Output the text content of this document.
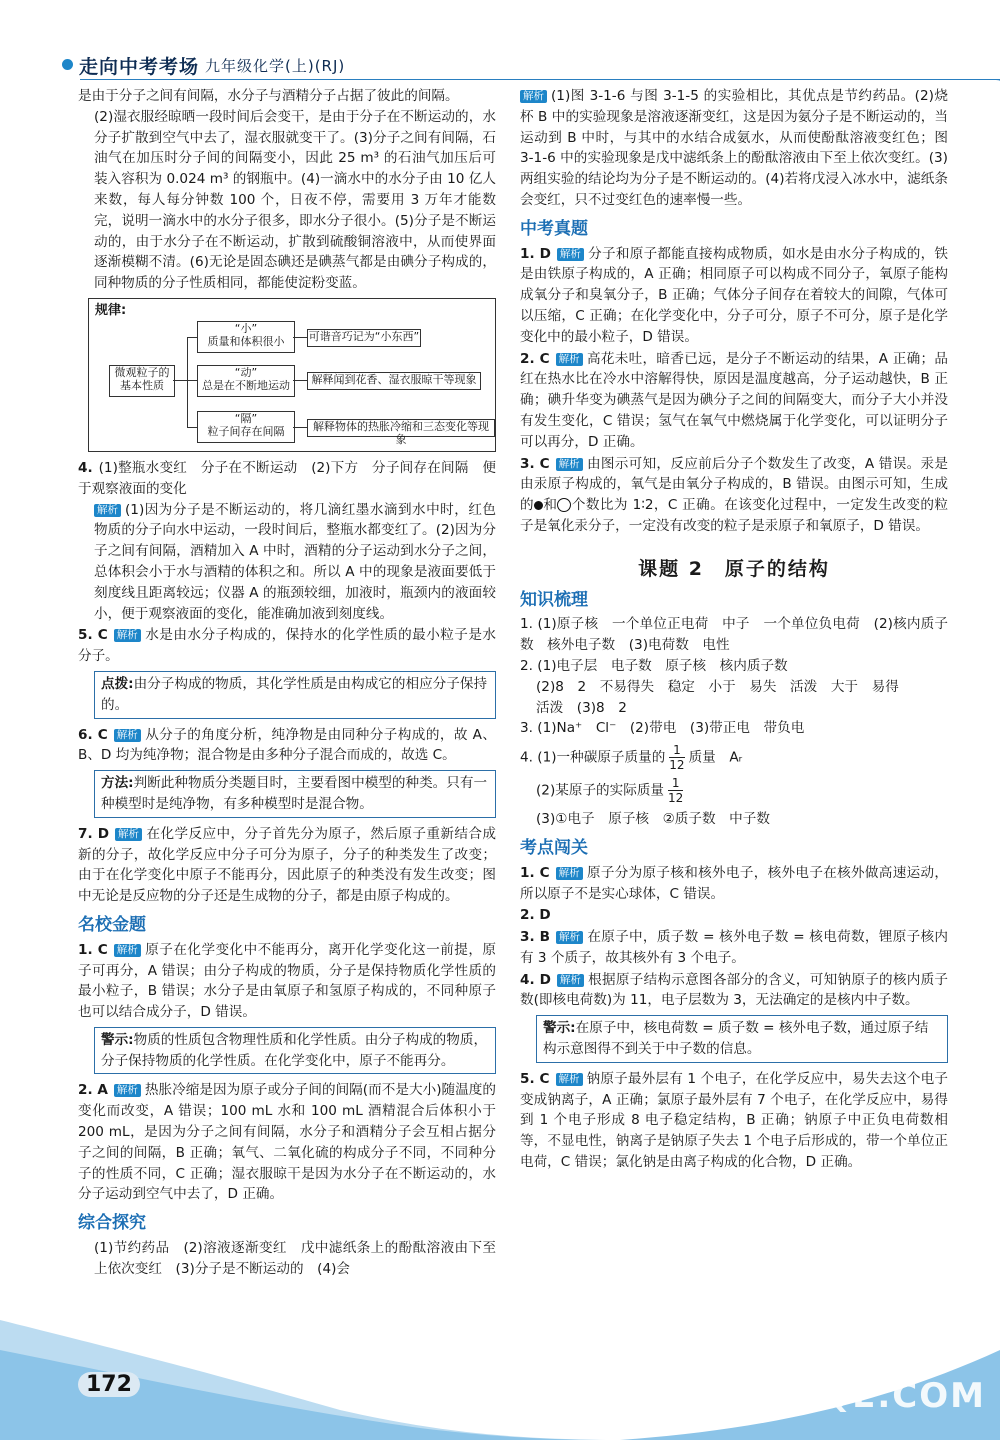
走向中考考场 九年级化学(上)(RJ)

是由于分子之间有间隔，水分子与酒精分子占据了彼此的间隔。

(2)湿衣服经晾晒一段时间后会变干，是由于分子在不断运动的，水分子扩散到空气中去了，湿衣服就变干了。(3)分子之间有间隔，石油气在加压时分子间的间隔变小，因此 25 m³ 的石油气加压后可装入容积为 0.024 m³ 的钢瓶中。(4)一滴水中的水分子由 10 亿人来数，每人每分钟数 100 个，日夜不停，需要用 3 万年才能数完，说明一滴水中的水分子很多，即水分子很小。(5)分子是不断运动的，由于水分子在不断运动，扩散到硫酸铜溶液中，从而使界面逐渐模糊不清。(6)无论是固态碘还是碘蒸气都是由碘分子构成的，同种物质的分子性质相同，都能使淀粉变蓝。

规律:
微观粒子的基本性质
“小”
质量和体积很小
“动”
总是在不断地运动
“隔”
粒子间存在间隔
可谐音巧记为“小东西”
解释闻到花香、湿衣服晾干等现象
解释物体的热胀冷缩和三态变化等现象

4. (1)整瓶水变红　分子在不断运动　(2)下方　分子间存在间隔　便于观察液面的变化

解析 (1)因为分子是不断运动的，将几滴红墨水滴到水中时，红色物质的分子向水中运动，一段时间后，整瓶水都变红了。(2)因为分子之间有间隔，酒精加入 A 中时，酒精的分子运动到水分子之间，总体积会小于水与酒精的体积之和。所以 A 中的现象是液面要低于刻度线且距离较远；仪器 A 的瓶颈较细，加液时，瓶颈内的液面较小，便于观察液面的变化，能准确加液到刻度线。

5. C 解析 水是由水分子构成的，保持水的化学性质的最小粒子是水分子。

点拨:由分子构成的物质，其化学性质是由构成它的相应分子保持的。

6. C 解析 从分子的角度分析，纯净物是由同种分子构成的，故 A、B、D 均为纯净物；混合物是由多种分子混合而成的，故选 C。

方法:判断此种物质分类题目时，主要看图中模型的种类。只有一种模型时是纯净物，有多种模型时是混合物。

7. D 解析 在化学反应中，分子首先分为原子，然后原子重新结合成新的分子，故化学反应中分子可分为原子，分子的种类发生了改变；由于在化学变化中原子不能再分，因此原子的种类没有发生改变；图中无论是反应物的分子还是生成物的分子，都是由原子构成的。

名校金题

1. C 解析 原子在化学变化中不能再分，离开化学变化这一前提，原子可再分，A 错误；由分子构成的物质，分子是保持物质化学性质的最小粒子，B 错误；水分子是由氧原子和氢原子构成的，不同种原子也可以结合成分子，D 错误。

警示:物质的性质包含物理性质和化学性质。由分子构成的物质，分子保持物质的化学性质。在化学变化中，原子不能再分。

2. A 解析 热胀冷缩是因为原子或分子间的间隔(而不是大小)随温度的变化而改变，A 错误；100 mL 水和 100 mL 酒精混合后体积小于 200 mL，是因为分子之间有间隔，水分子和酒精分子会互相占据分子之间的间隔，B 正确；氧气、二氧化硫的构成分子不同，不同种分子的性质不同，C 正确；湿衣服晾干是因为水分子在不断运动的，水分子运动到空气中去了，D 正确。

综合探究

(1)节约药品　(2)溶液逐渐变红　戊中滤纸条上的酚酞溶液由下至上依次变红　(3)分子是不断运动的　(4)会

解析 (1)图 3-1-6 与图 3-1-5 的实验相比，其优点是节约药品。(2)烧杯 B 中的实验现象是溶液逐渐变红，这是因为氨分子是不断运动的，当运动到 B 中时，与其中的水结合成氨水，从而使酚酞溶液变红色；图 3-1-6 中的实验现象是戊中滤纸条上的酚酞溶液由下至上依次变红。(3)两组实验的结论均为分子是不断运动的。(4)若将戊浸入冰水中，滤纸条会变红，只不过变红色的速率慢一些。

中考真题

1. D 解析 分子和原子都能直接构成物质，如水是由水分子构成的，铁是由铁原子构成的，A 正确；相同原子可以构成不同分子，氧原子能构成氧分子和臭氧分子，B 正确；气体分子间存在着较大的间隙，气体可以压缩，C 正确；在化学变化中，分子可分，原子不可分，原子是化学变化中的最小粒子，D 错误。

2. C 解析 高花未吐，暗香已远，是分子不断运动的结果，A 正确；品红在热水比在冷水中溶解得快，原因是温度越高，分子运动越快，B 正确；碘升华变为碘蒸气是因为碘分子之间的间隔变大，而分子大小并没有发生变化，C 错误；氢气在氧气中燃烧属于化学变化，可以证明分子可以再分，D 正确。

3. C 解析 由图示可知，反应前后分子个数发生了改变，A 错误。汞是由汞原子构成的，氧气是由氧分子构成的，B 错误。由图示可知，生成的 和 个数比为 1∶2，C 正确。在该变化过程中，一定发生改变的粒子是氧化汞分子，一定没有改变的粒子是汞原子和氧原子，D 错误。

课题 2　原子的结构
知识梳理

1. (1)原子核　一个单位正电荷　中子　一个单位负电荷　(2)核内质子数　核外电子数　(3)电荷数　电性

2. (1)电子层　电子数　原子核　核内质子数

(2)8　2　不易得失　稳定　小于　易失　活泼　大于　易得

活泼　(3)8　2

3. (1)Na⁺　Cl⁻　(2)带电　(3)带正电　带负电

4. (1)一种碳原子质量的 $\frac{1}{12}$ 质量　Aᵣ

(2)某原子的实际质量 $\frac{1}{12}$

(3)①电子　原子核　②质子数　中子数

考点闯关

1. C 解析 原子分为原子核和核外电子，核外电子在核外做高速运动，所以原子不是实心球体，C 错误。

2. D

3. B 解析 在原子中，质子数 = 核外电子数 = 核电荷数，锂原子核内有 3 个质子，故其核外有 3 个电子。

4. D 解析 根据原子结构示意图各部分的含义，可知钠原子的核内质子数(即核电荷数)为 11，电子层数为 3，无法确定的是核内中子数。

警示:在原子中，核电荷数 = 质子数 = 核外电子数，通过原子结构示意图得不到关于中子数的信息。

5. C 解析 钠原子最外层有 1 个电子，在化学反应中，易失去这个电子变成钠离子，A 正确；氯原子最外层有 7 个电子，在化学反应中，易得到 1 个电子形成 8 电子稳定结构，B 正确；钠原子中正负电荷数相等，不显电性，钠离子是钠原子失去 1 个电子后形成的，带一个单位正电荷，C 错误；氯化钠是由离子构成的化合物，D 正确。

172	MXQE.COM
